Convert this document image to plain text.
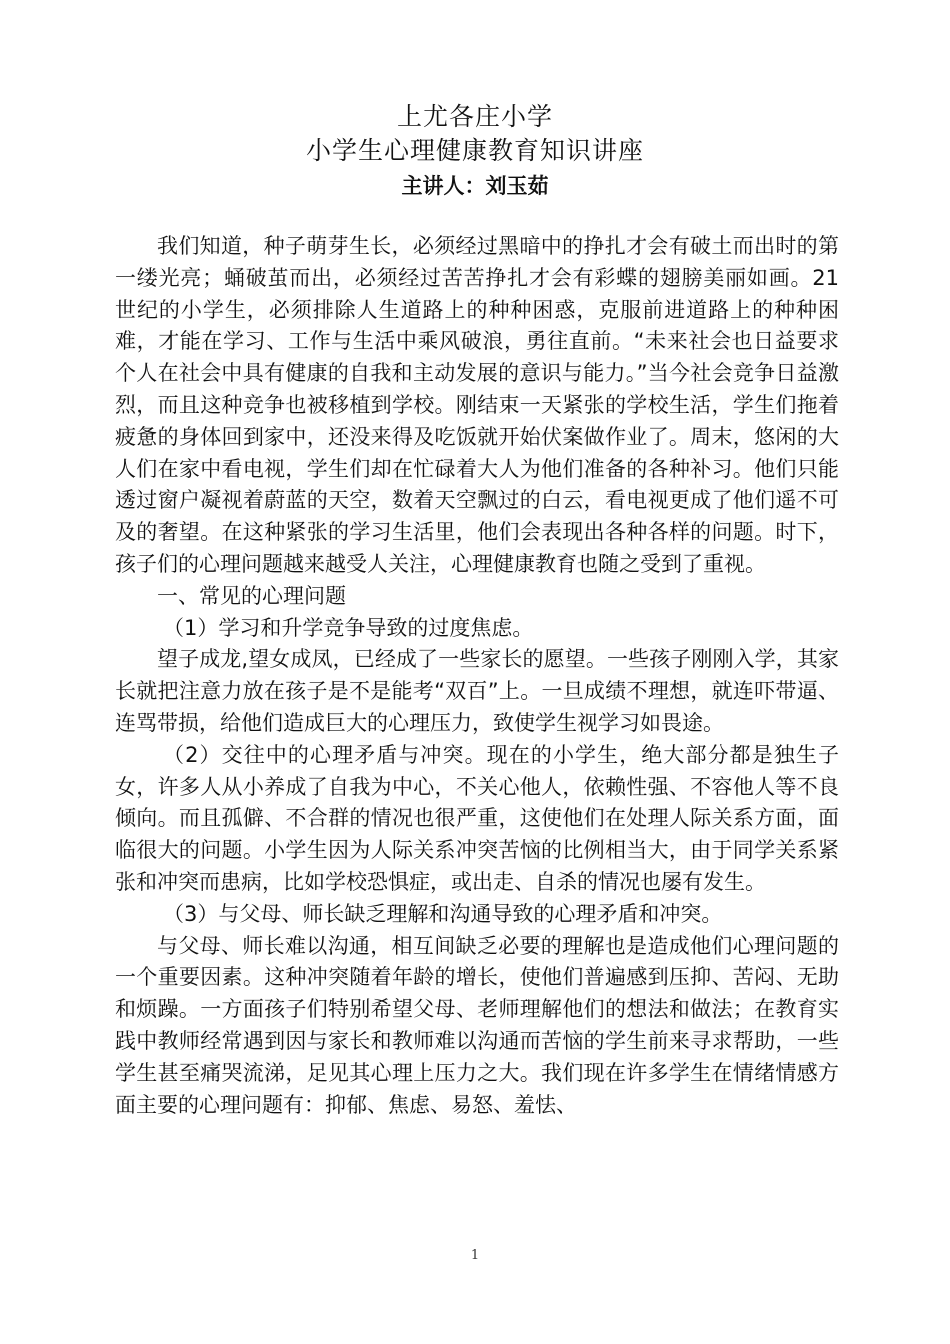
上尤各庄小学
小学生心理健康教育知识讲座
主讲人：刘玉茹

我们知道，种子萌芽生长，必须经过黑暗中的挣扎才会有破土而出时的第一缕光亮；蛹破茧而出，必须经过苦苦挣扎才会有彩蝶的翅膀美丽如画。21 世纪的小学生，必须排除人生道路上的种种困惑，克服前进道路上的种种困难，才能在学习、工作与生活中乘风破浪，勇往直前。“未来社会也日益要求个人在社会中具有健康的自我和主动发展的意识与能力。”当今社会竞争日益激烈，而且这种竞争也被移植到学校。刚结束一天紧张的学校生活，学生们拖着疲惫的身体回到家中，还没来得及吃饭就开始伏案做作业了。周末，悠闲的大人们在家中看电视，学生们却在忙碌着大人为他们准备的各种补习。他们只能透过窗户凝视着蔚蓝的天空，数着天空飘过的白云，看电视更成了他们遥不可及的奢望。在这种紧张的学习生活里，他们会表现出各种各样的问题。时下，孩子们的心理问题越来越受人关注，心理健康教育也随之受到了重视。

一、常见的心理问题

（1）学习和升学竞争导致的过度焦虑。

望子成龙,望女成凤，已经成了一些家长的愿望。一些孩子刚刚入学，其家长就把注意力放在孩子是不是能考“双百”上。一旦成绩不理想，就连吓带逼、连骂带损，给他们造成巨大的心理压力，致使学生视学习如畏途。

（2）交往中的心理矛盾与冲突。现在的小学生，绝大部分都是独生子女，许多人从小养成了自我为中心，不关心他人，依赖性强、不容他人等不良倾向。而且孤僻、不合群的情况也很严重，这使他们在处理人际关系方面，面临很大的问题。小学生因为人际关系冲突苦恼的比例相当大，由于同学关系紧张和冲突而患病，比如学校恐惧症，或出走、自杀的情况也屡有发生。

（3）与父母、师长缺乏理解和沟通导致的心理矛盾和冲突。

与父母、师长难以沟通，相互间缺乏必要的理解也是造成他们心理问题的一个重要因素。这种冲突随着年龄的增长，使他们普遍感到压抑、苦闷、无助和烦躁。一方面孩子们特别希望父母、老师理解他们的想法和做法；在教育实践中教师经常遇到因与家长和教师难以沟通而苦恼的学生前来寻求帮助，一些学生甚至痛哭流涕，足见其心理上压力之大。我们现在许多学生在情绪情感方面主要的心理问题有：抑郁、焦虑、易怒、羞怯、

1
